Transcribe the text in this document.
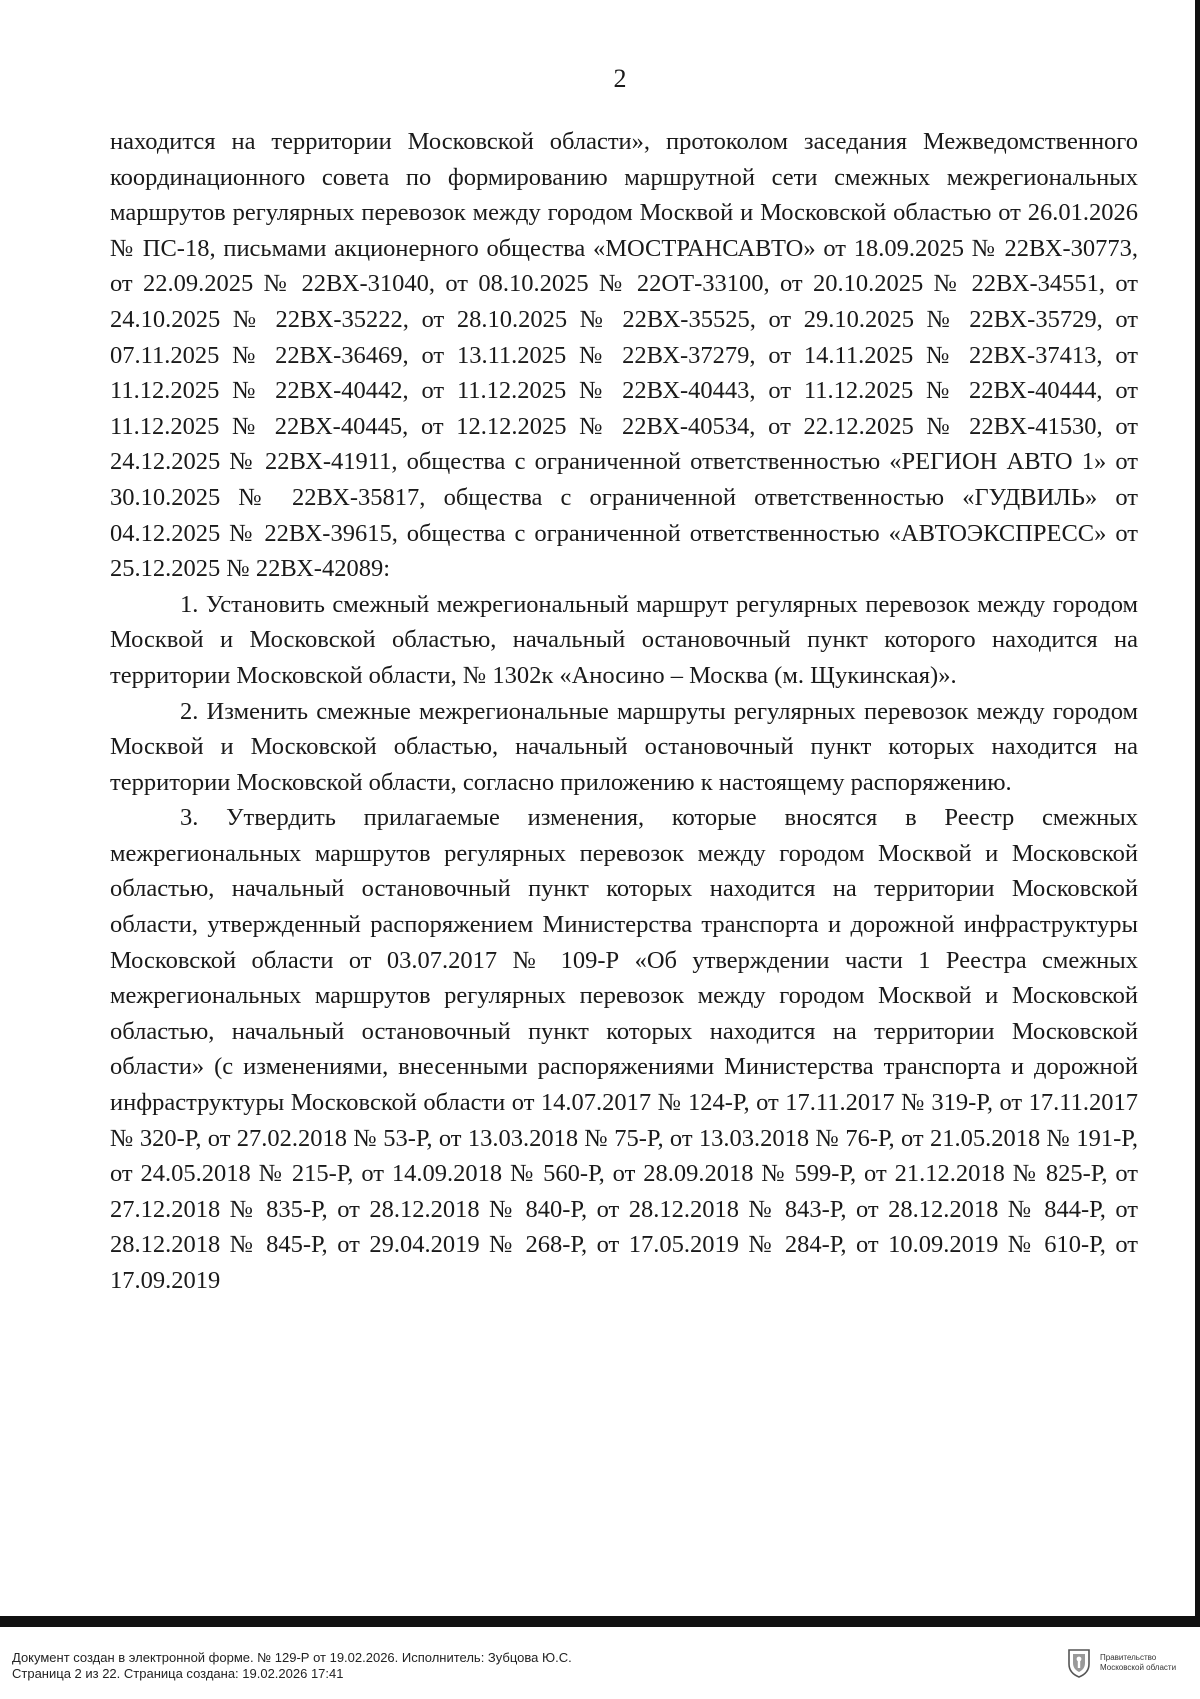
2

находится на территории Московской области», протоколом заседания Межведомственного координационного совета по формированию маршрутной сети смежных межрегиональных маршрутов регулярных перевозок между городом Москвой и Московской областью от 26.01.2026 № ПС-18, письмами акционерного общества «МОСТРАНСАВТО» от 18.09.2025 № 22ВХ-30773, от 22.09.2025 № 22ВХ-31040, от 08.10.2025 № 22ОТ-33100, от 20.10.2025 № 22ВХ-34551, от 24.10.2025 № 22ВХ-35222, от 28.10.2025 № 22ВХ-35525, от 29.10.2025 № 22ВХ-35729, от 07.11.2025 № 22ВХ-36469, от 13.11.2025 № 22ВХ-37279, от 14.11.2025 № 22ВХ-37413, от 11.12.2025 № 22ВХ-40442, от 11.12.2025 № 22ВХ-40443, от 11.12.2025 № 22ВХ-40444, от 11.12.2025 № 22ВХ-40445, от 12.12.2025 № 22ВХ-40534, от 22.12.2025 № 22ВХ-41530, от 24.12.2025 № 22ВХ-41911, общества с ограниченной ответственностью «РЕГИОН АВТО 1» от 30.10.2025 № 22ВХ-35817, общества с ограниченной ответственностью «ГУДВИЛЬ» от 04.12.2025 № 22ВХ-39615, общества с ограниченной ответственностью «АВТОЭКСПРЕСС» от 25.12.2025 № 22ВХ-42089:

1. Установить смежный межрегиональный маршрут регулярных перевозок между городом Москвой и Московской областью, начальный остановочный пункт которого находится на территории Московской области, № 1302к «Аносино – Москва (м. Щукинская)».

2. Изменить смежные межрегиональные маршруты регулярных перевозок между городом Москвой и Московской областью, начальный остановочный пункт которых находится на территории Московской области, согласно приложению к настоящему распоряжению.

3. Утвердить прилагаемые изменения, которые вносятся в Реестр смежных межрегиональных маршрутов регулярных перевозок между городом Москвой и Московской областью, начальный остановочный пункт которых находится на территории Московской области, утвержденный распоряжением Министерства транспорта и дорожной инфраструктуры Московской области от 03.07.2017 № 109-Р «Об утверждении части 1 Реестра смежных межрегиональных маршрутов регулярных перевозок между городом Москвой и Московской областью, начальный остановочный пункт которых находится на территории Московской области» (с изменениями, внесенными распоряжениями Министерства транспорта и дорожной инфраструктуры Московской области от 14.07.2017 № 124-Р, от 17.11.2017 № 319-Р, от 17.11.2017 № 320-Р, от 27.02.2018 № 53-Р, от 13.03.2018 № 75-Р, от 13.03.2018 № 76-Р, от 21.05.2018 № 191-Р, от 24.05.2018 № 215-Р, от 14.09.2018 № 560-Р, от 28.09.2018 № 599-Р, от 21.12.2018 № 825-Р, от 27.12.2018 № 835-Р, от 28.12.2018 № 840-Р, от 28.12.2018 № 843-Р, от 28.12.2018 № 844-Р, от 28.12.2018 № 845-Р, от 29.04.2019 № 268-Р, от 17.05.2019 № 284-Р, от 10.09.2019 № 610-Р, от 17.09.2019

Документ создан в электронной форме. № 129-Р от 19.02.2026. Исполнитель: Зубцова Ю.С.
Страница 2 из 22. Страница создана: 19.02.2026 17:41
Правительство
Московской области
